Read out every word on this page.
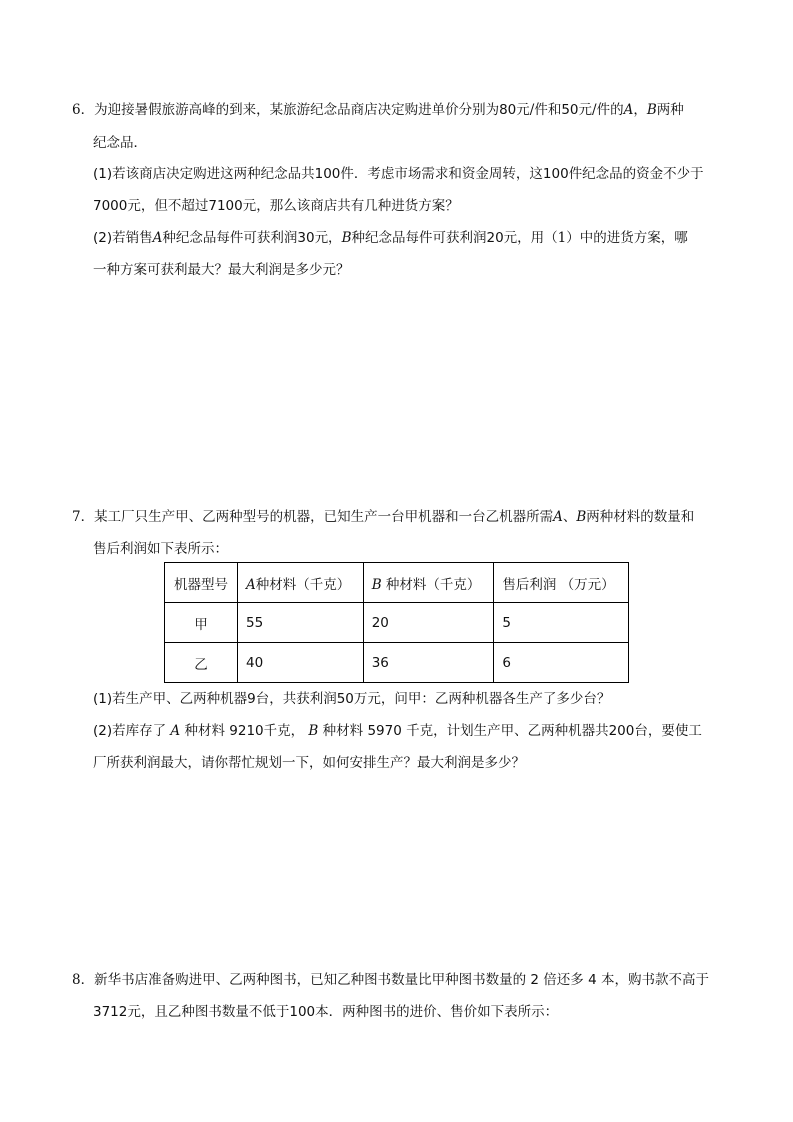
6．为迎接暑假旅游高峰的到来，某旅游纪念品商店决定购进单价分别为80元/件和50元/件的A，B两种
纪念品．
(1)若该商店决定购进这两种纪念品共100件．考虑市场需求和资金周转，这100件纪念品的资金不少于
7000元，但不超过7100元，那么该商店共有几种进货方案？
(2)若销售A种纪念品每件可获利润30元，B种纪念品每件可获利润20元，用（1）中的进货方案，哪
一种方案可获利最大？最大利润是多少元？
7．某工厂只生产甲、乙两种型号的机器，已知生产一台甲机器和一台乙机器所需A、B两种材料的数量和
售后利润如下表所示：
机器型号	A种材料（千克）	B 种材料（千克）	售后利润 （万元）
甲	55	20	5
乙	40	36	6
(1)若生产甲、乙两种机器9台，共获利润50万元，问甲：乙两种机器各生产了多少台？
(2)若库存了 A 种材料 9210千克， B 种材料 5970 千克，计划生产甲、乙两种机器共200台，要使工
厂所获利润最大，请你帮忙规划一下，如何安排生产？最大利润是多少？
8．新华书店准备购进甲、乙两种图书，已知乙种图书数量比甲种图书数量的 2 倍还多 4 本，购书款不高于
3712元，且乙种图书数量不低于100本．两种图书的进价、售价如下表所示：
